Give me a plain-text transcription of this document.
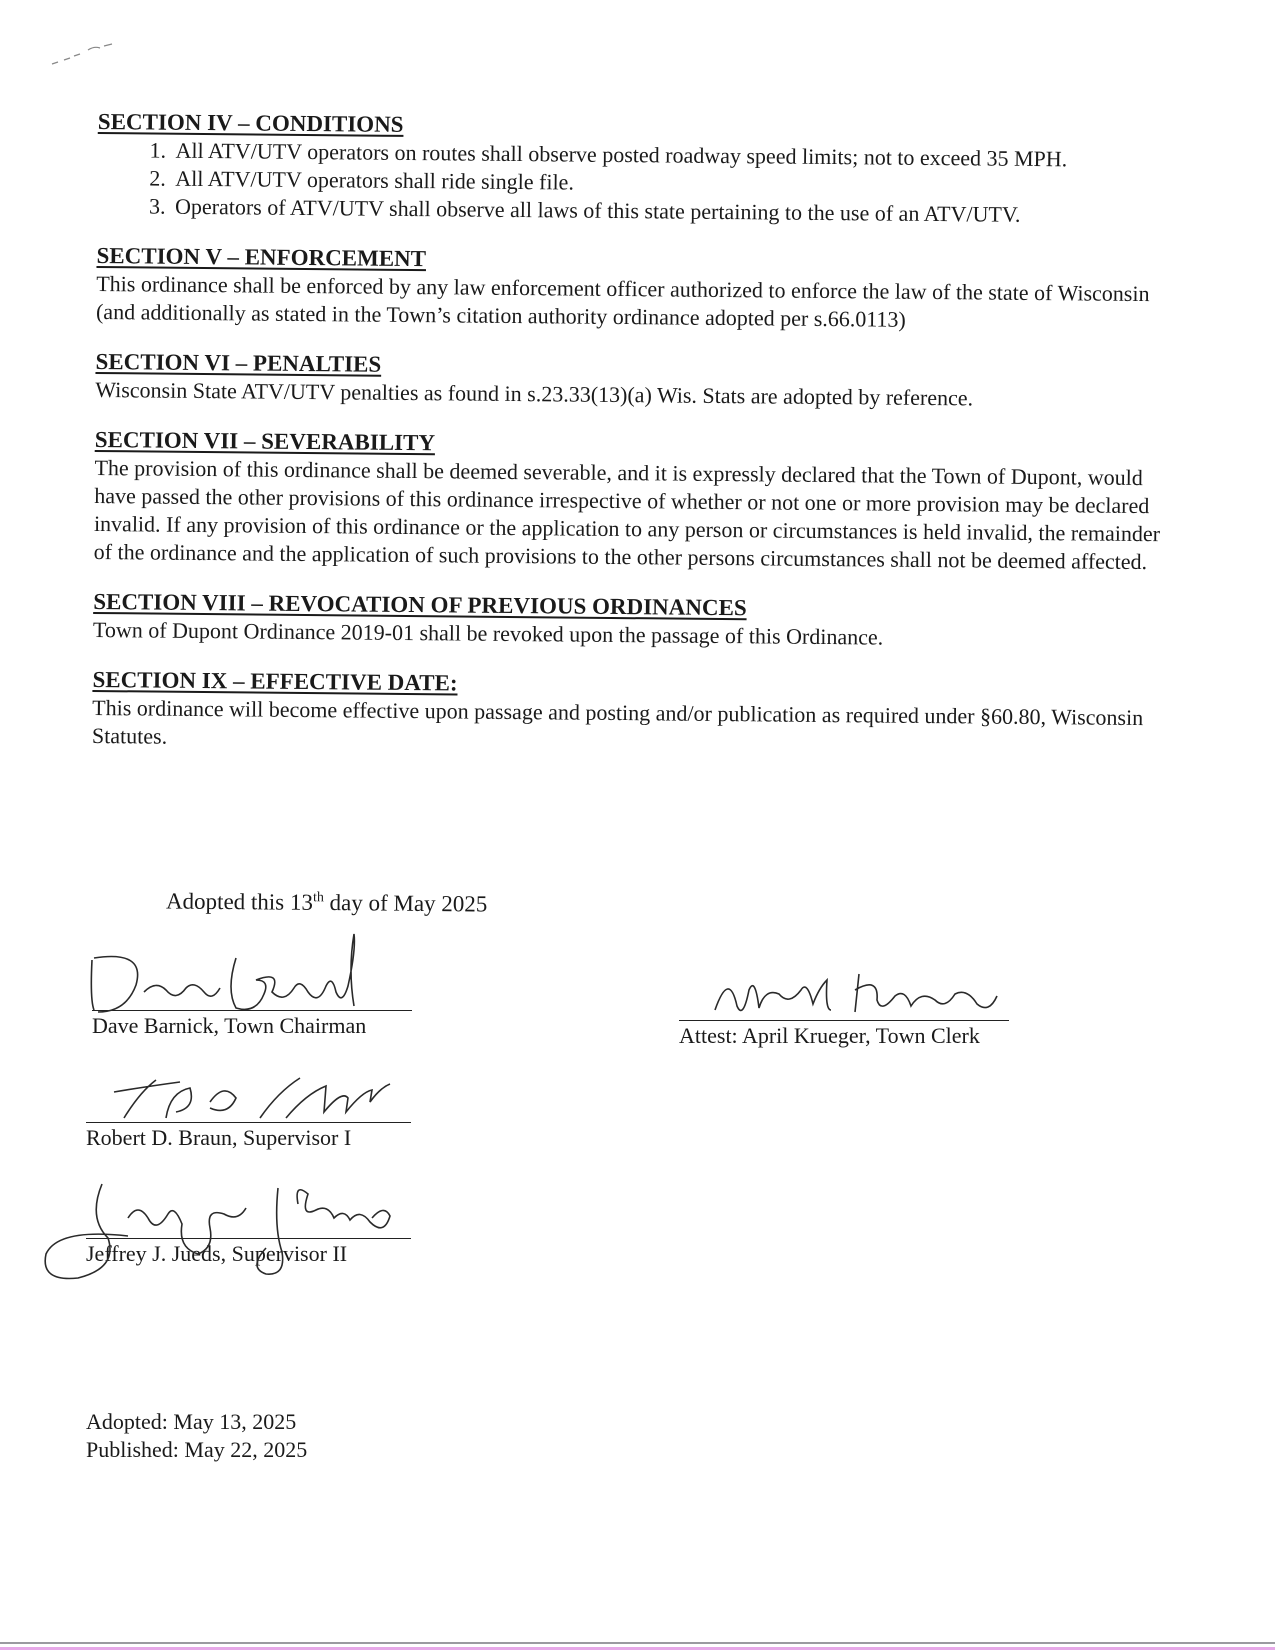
SECTION IV – CONDITIONS

1. All ATV/UTV operators on routes shall observe posted roadway speed limits; not to exceed 35 MPH.
2. All ATV/UTV operators shall ride single file.
3. Operators of ATV/UTV shall observe all laws of this state pertaining to the use of an ATV/UTV.

SECTION V – ENFORCEMENT

This ordinance shall be enforced by any law enforcement officer authorized to enforce the law of the state of Wisconsin (and additionally as stated in the Town’s citation authority ordinance adopted per s.66.0113)

SECTION VI – PENALTIES

Wisconsin State ATV/UTV penalties as found in s.23.33(13)(a) Wis. Stats are adopted by reference.

SECTION VII – SEVERABILITY

The provision of this ordinance shall be deemed severable, and it is expressly declared that the Town of Dupont, would have passed the other provisions of this ordinance irrespective of whether or not one or more provision may be declared invalid. If any provision of this ordinance or the application to any person or circumstances is held invalid, the remainder of the ordinance and the application of such provisions to the other persons circumstances shall not be deemed affected.

SECTION VIII – REVOCATION OF PREVIOUS ORDINANCES

Town of Dupont Ordinance 2019-01 shall be revoked upon the passage of this Ordinance.

SECTION IX – EFFECTIVE DATE:

This ordinance will become effective upon passage and posting and/or publication as required under §60.80, Wisconsin Statutes.

Adopted this 13th day of May 2025
Dave Barnick, Town Chairman	Attest: April Krueger, Town Clerk
Robert D. Braun, Supervisor I
Jeffrey J. Jueds, Supervisor II
Adopted: May 13, 2025
Published: May 22, 2025
